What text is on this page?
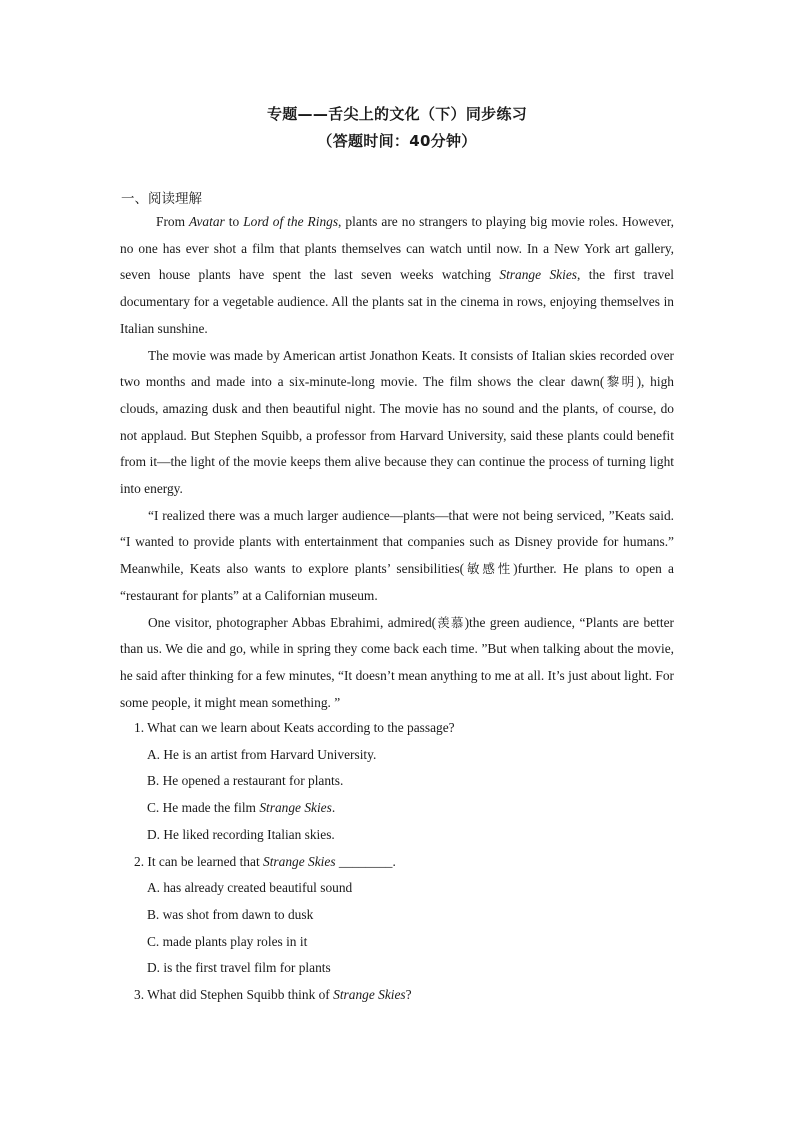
专题——舌尖上的文化（下）同步练习
（答题时间：40分钟）
一、阅读理解

From Avatar to Lord of the Rings, plants are no strangers to playing big movie roles. However, no one has ever shot a film that plants themselves can watch until now. In a New York art gallery, seven house plants have spent the last seven weeks watching Strange Skies, the first travel documentary for a vegetable audience. All the plants sat in the cinema in rows, enjoying themselves in Italian sunshine.

The movie was made by American artist Jonathon Keats. It consists of Italian skies recorded over two months and made into a six-minute-long movie. The film shows the clear dawn(黎明), high clouds, amazing dusk and then beautiful night. The movie has no sound and the plants, of course, do not applaud. But Stephen Squibb, a professor from Harvard University, said these plants could benefit from it—the light of the movie keeps them alive because they can continue the process of turning light into energy.

“I realized there was a much larger audience—plants—that were not being serviced, ”Keats said. “I wanted to provide plants with entertainment that companies such as Disney provide for humans.” Meanwhile, Keats also wants to explore plants’ sensibilities(敏感性)further. He plans to open a “restaurant for plants” at a Californian museum.

One visitor, photographer Abbas Ebrahimi, admired(羡慕)the green audience, “Plants are better than us. We die and go, while in spring they come back each time. ”But when talking about the movie, he said after thinking for a few minutes, “It doesn’t mean anything to me at all. It’s just about light. For some people, it might mean something. ”

1. What can we learn about Keats according to the passage?

A. He is an artist from Harvard University.

B. He opened a restaurant for plants.

C. He made the film Strange Skies.

D. He liked recording Italian skies.

2. It can be learned that Strange Skies ________.

A. has already created beautiful sound

B. was shot from dawn to dusk

C. made plants play roles in it

D. is the first travel film for plants

3. What did Stephen Squibb think of Strange Skies?
